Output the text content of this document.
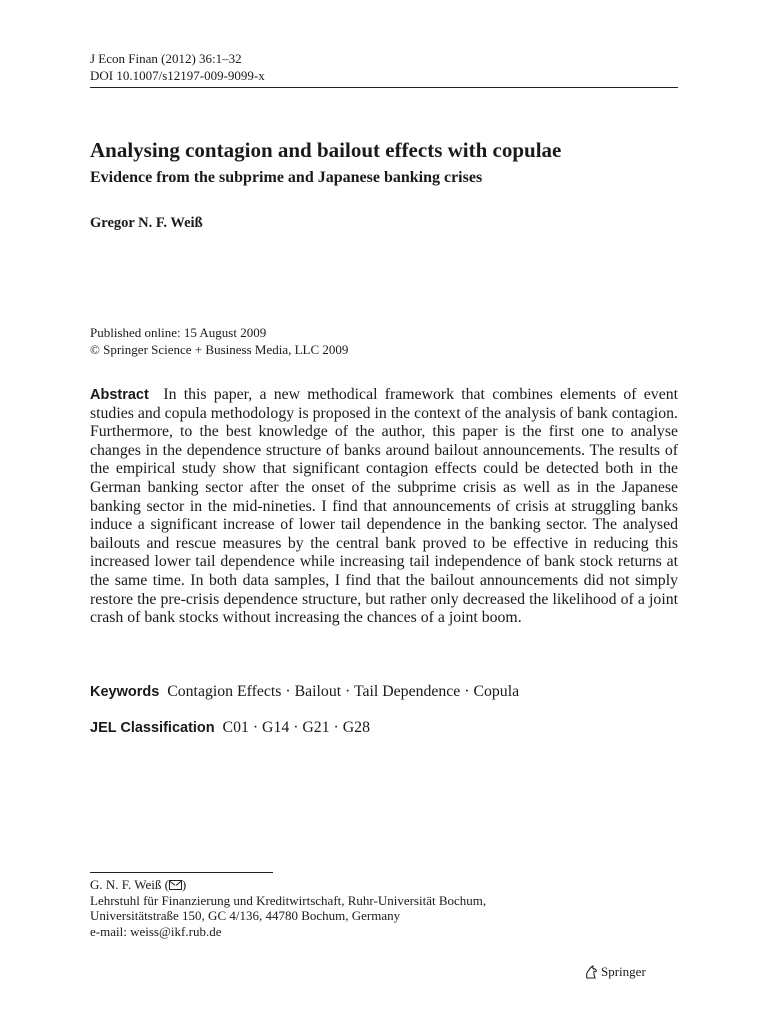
J Econ Finan (2012) 36:1–32
DOI 10.1007/s12197-009-9099-x
Analysing contagion and bailout effects with copulae
Evidence from the subprime and Japanese banking crises
Gregor N. F. Weiß
Published online: 15 August 2009
© Springer Science + Business Media, LLC 2009

Abstract In this paper, a new methodical framework that combines elements of event studies and copula methodology is proposed in the context of the analysis of bank contagion. Furthermore, to the best knowledge of the author, this paper is the first one to analyse changes in the dependence structure of banks around bailout announcements. The results of the empirical study show that significant contagion effects could be detected both in the German banking sector after the onset of the subprime crisis as well as in the Japanese banking sector in the mid-nineties. I find that announcements of crisis at struggling banks induce a significant increase of lower tail dependence in the banking sector. The analysed bailouts and rescue measures by the central bank proved to be effective in reducing this increased lower tail dependence while increasing tail independence of bank stock returns at the same time. In both data samples, I find that the bailout announcements did not simply restore the pre-crisis dependence structure, but rather only decreased the likelihood of a joint crash of bank stocks without increasing the chances of a joint boom.

Keywords Contagion Effects · Bailout · Tail Dependence · Copula
JEL Classification C01 · G14 · G21 · G28
G. N. F. Weiß ( )
Lehrstuhl für Finanzierung und Kreditwirtschaft, Ruhr-Universität Bochum,
Universitätstraße 150, GC 4/136, 44780 Bochum, Germany
e-mail: weiss@ikf.rub.de
Springer
